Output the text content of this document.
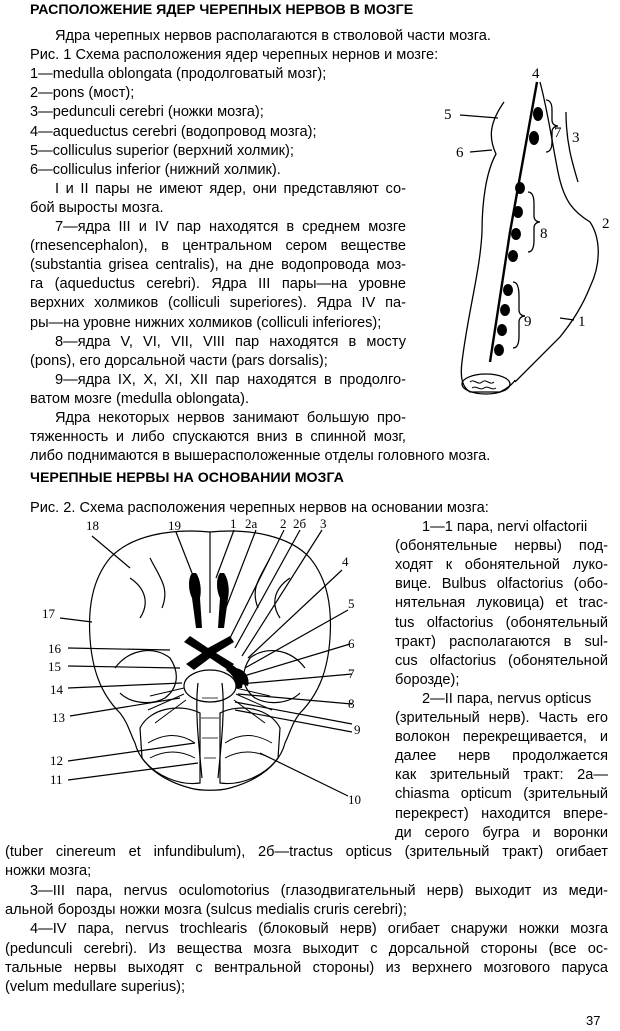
РАСПОЛОЖЕНИЕ ЯДЕР ЧЕРЕПНЫХ НЕРВОВ В МОЗГЕ
Ядра черепных нервов располагаются в стволовой части мозга.
Рис. 1 Схема расположения ядер черепных нернов и мозге:
1—medulla oblongata (продолговатый мозг);
2—pons (мост);
3—pedunculi cerebri (ножки мозга);
4—aqueductus cerebri (водопровод мозга);
5—colliculus superior (верхний холмик);
6—colliculus inferior (нижний холмик).
I и II пары не имеют ядер, они представляют со-
бой выросты мозга.
7—ядра III и IV пар находятся в среднем мозге
(rnesencephalon), в центральном сером веществе
(substantia grisea centralis), на дне водопровода моз-
га (aqueductus cerebri). Ядра III пары—на уровне
верхних холмиков (colliculi superiores). Ядра IV па-
ры—на уровне нижних холмиков (colliculi inferiores);
8—ядра V, VI, VII, VIII пар находятся в мосту
(pons), его дорсальной части (pars dorsalis);
9—ядра IX, X, XI, XII пар находятся в продолго-
ватом мозге (medulla oblongata).
Ядра некоторых нервов занимают большую про-
тяженность и либо спускаются вниз в спинной мозг,
либо поднимаются в вышерасположенные отделы головного мозга.
4
5
7 3
6
2
8
9	1
ЧЕРЕПНЫЕ НЕРВЫ НА ОСНОВАНИИ МОЗГА
Рис. 2. Схема расположения черепных нервов на основании мозга:
18	19	1 2а 2 2б 3
4
5
6
7
8
9
10
17
16
15
14
13
12
11
1—1 пара, nervi olfactorii
(обонятельные нервы) под-
ходят к обонятельной луко-
вице. Bulbus olfactorius (обо-
нятельная луковица) et trac-
tus olfactorius (обонятельный
тракт) располагаются в sul-
cus olfactorius (обонятельной
борозде);
2—II пара, nervus opticus
(зрительный нерв). Часть его
волокон перекрещивается, и
далее нерв продолжается
как зрительный тракт: 2а—
chiasma opticum (зрительный
перекрест) находится впере-
ди серого бугра и воронки
(tuber cinereum et infundibulum), 2б—tractus opticus (зрительный тракт) огибает
ножки мозга;
3—III пара, nervus oculomotorius (глазодвигательный нерв) выходит из меди-
альной борозды ножки мозга (sulcus medialis cruris cerebri);
4—IV пара, nervus trochlearis (блоковый нерв) огибает снаружи ножки мозга
(pedunculi cerebri). Из вещества мозга выходит с дорсальной стороны (все ос-
тальные нервы выходят с вентральной стороны) из верхнего мозгового паруса
(velum medullare superius);
37
